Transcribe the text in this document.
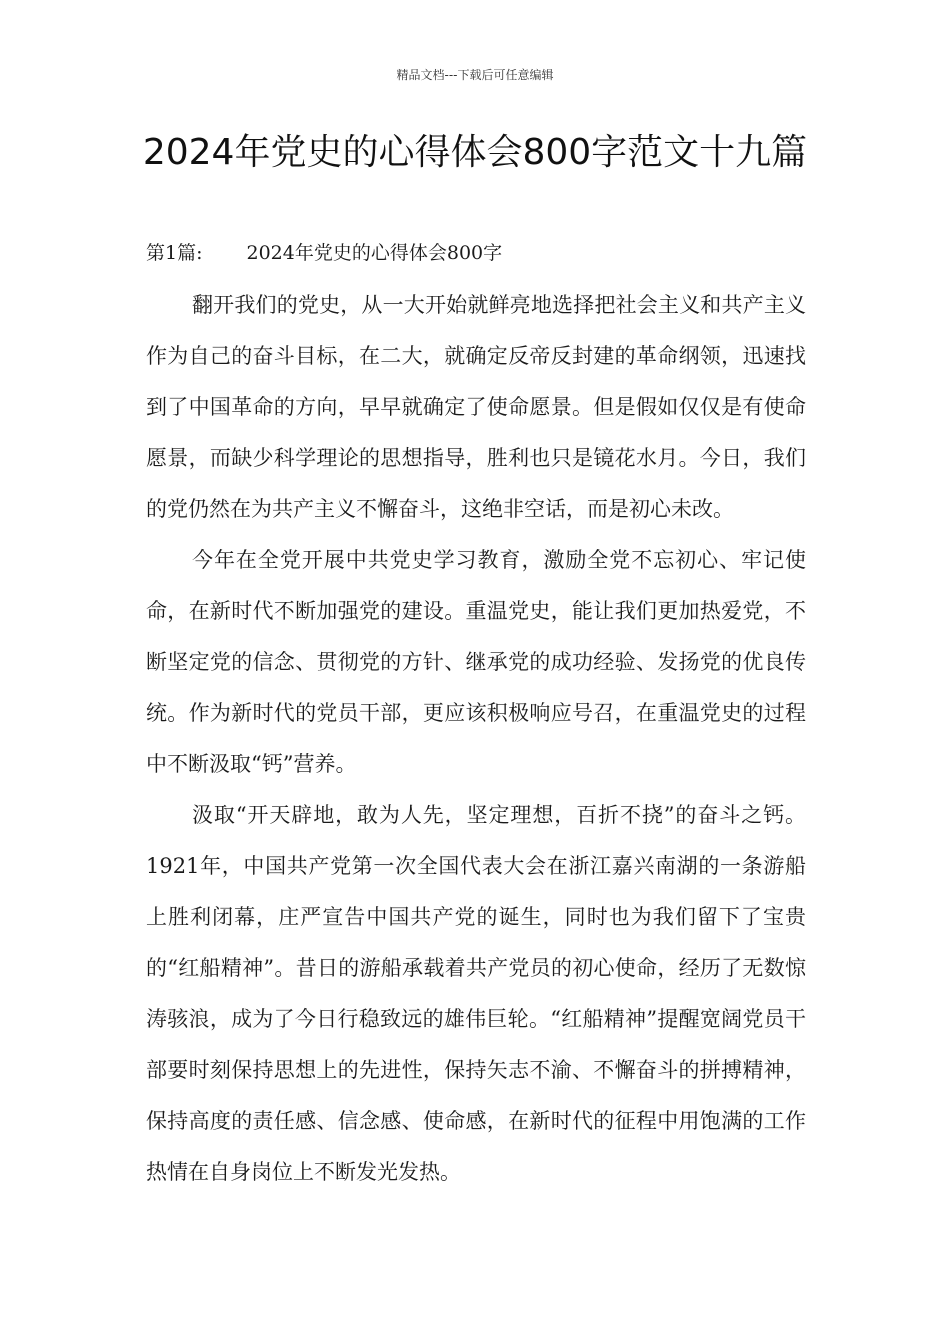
精品文档---下载后可任意编辑
2024年党史的心得体会800字范文十九篇
第1篇: 2024年党史的心得体会800字

翻开我们的党史，从一大开始就鲜亮地选择把社会主义和共产主义作为自己的奋斗目标，在二大，就确定反帝反封建的革命纲领，迅速找到了中国革命的方向，早早就确定了使命愿景。但是假如仅仅是有使命愿景，而缺少科学理论的思想指导，胜利也只是镜花水月。今日，我们的党仍然在为共产主义不懈奋斗，这绝非空话，而是初心未改。

今年在全党开展中共党史学习教育，激励全党不忘初心、牢记使命，在新时代不断加强党的建设。重温党史，能让我们更加热爱党，不断坚定党的信念、贯彻党的方针、继承党的成功经验、发扬党的优良传统。作为新时代的党员干部，更应该积极响应号召，在重温党史的过程中不断汲取“钙”营养。

汲取“开天辟地，敢为人先，坚定理想，百折不挠”的奋斗之钙。1921年，中国共产党第一次全国代表大会在浙江嘉兴南湖的一条游船上胜利闭幕，庄严宣告中国共产党的诞生，同时也为我们留下了宝贵的“红船精神”。昔日的游船承载着共产党员的初心使命，经历了无数惊涛骇浪，成为了今日行稳致远的雄伟巨轮。“红船精神”提醒宽阔党员干部要时刻保持思想上的先进性，保持矢志不渝、不懈奋斗的拼搏精神，保持高度的责任感、信念感、使命感，在新时代的征程中用饱满的工作热情在自身岗位上不断发光发热。
